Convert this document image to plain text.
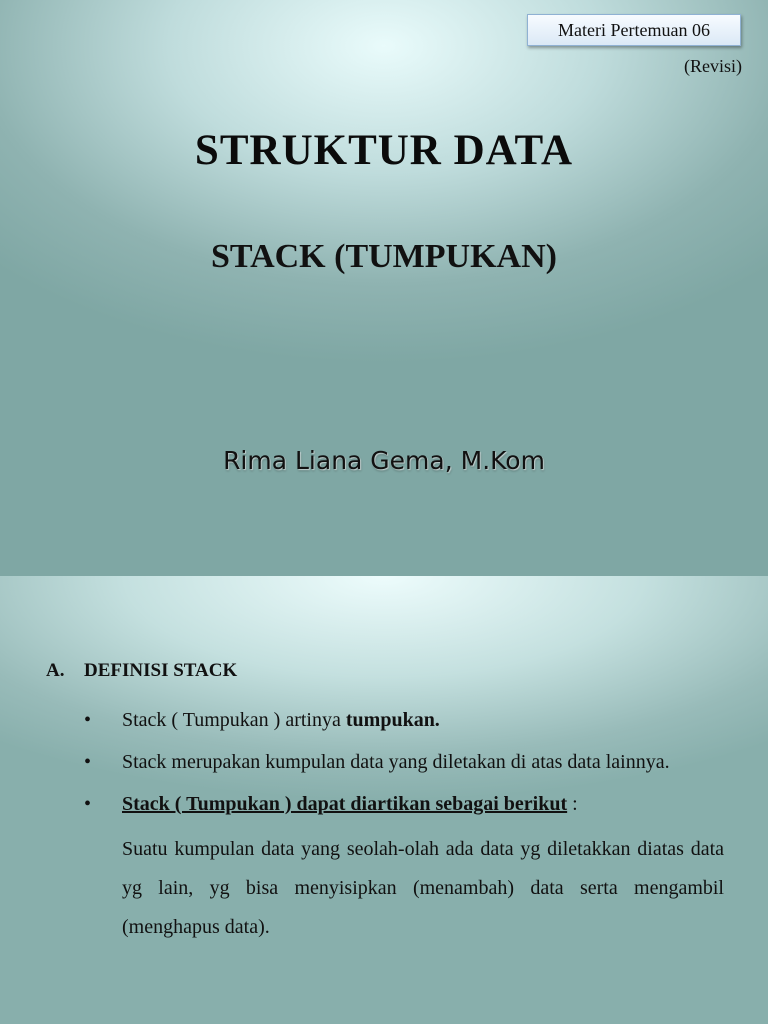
Materi Pertemuan 06
(Revisi)
STRUKTUR DATA
STACK (TUMPUKAN)
Rima Liana Gema, M.Kom
A. DEFINISI STACK
• Stack ( Tumpukan ) artinya tumpukan.
• Stack merupakan kumpulan data yang diletakan di atas data lainnya.
• Stack ( Tumpukan ) dapat diartikan sebagai berikut :
Suatu kumpulan data yang seolah-olah ada data yg diletakkan diatas data yg lain, yg bisa menyisipkan (menambah) data serta mengambil (menghapus data).
